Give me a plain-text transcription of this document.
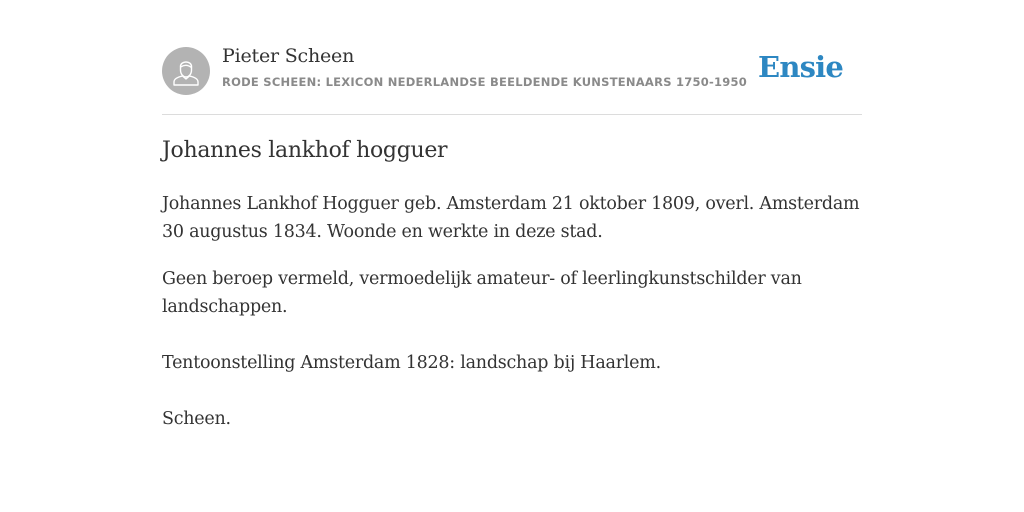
Pieter Scheen
RODE SCHEEN: LEXICON NEDERLANDSE BEELDENDE KUNSTENAARS 1750-1950 Ensie
Johannes lankhof hogguer

Johannes Lankhof Hogguer geb. Amsterdam 21 oktober 1809, overl. Amsterdam 30 augustus 1834. Woonde en werkte in deze stad.

Geen beroep vermeld, vermoedelijk amateur- of leerlingkunstschilder van landschappen.

Tentoonstelling Amsterdam 1828: landschap bij Haarlem.

Scheen.
